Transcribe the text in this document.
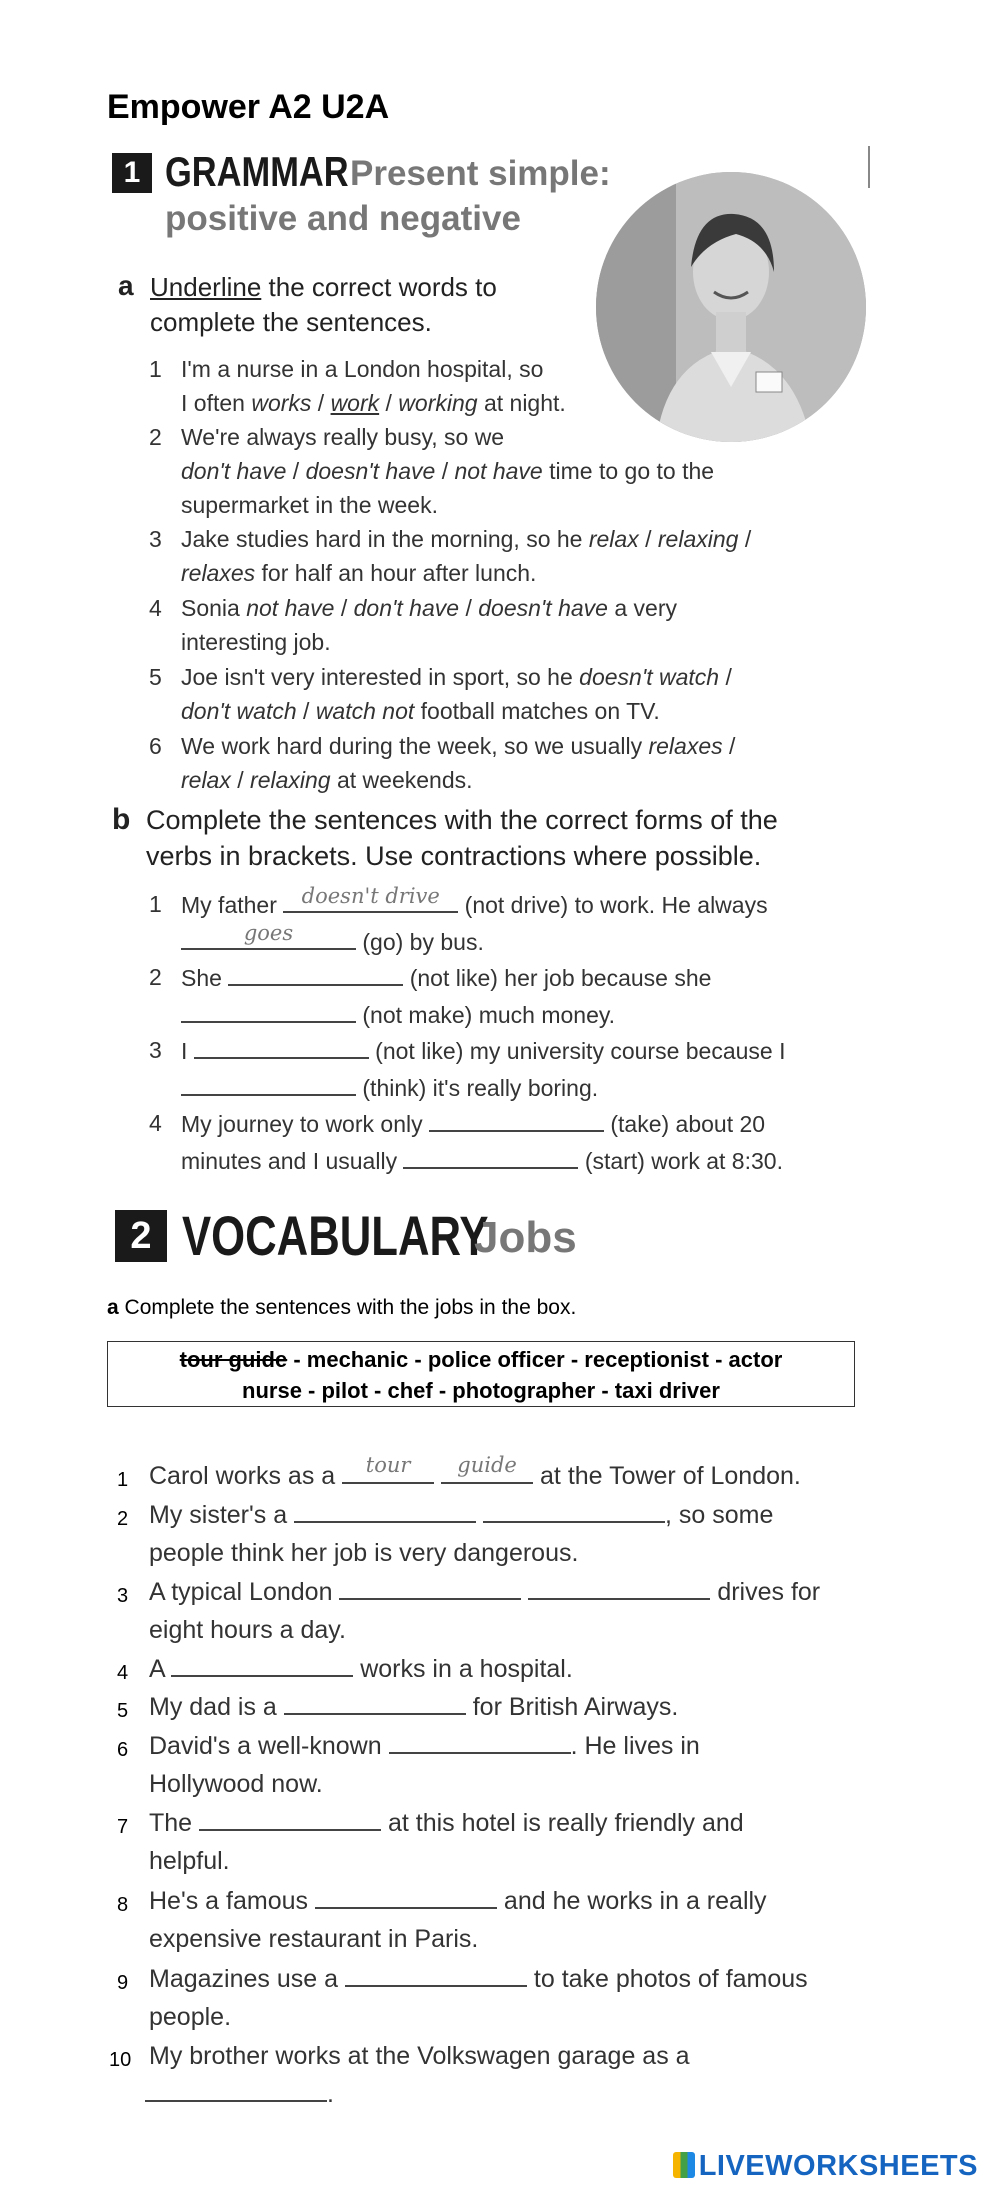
Empower A2 U2A
1 GRAMMAR Present simple:
positive and negative
a Underline the correct words to
complete the sentences.
1 I'm a nurse in a London hospital, so
I often works / work / working at night.
2 We're always really busy, so we
don't have / doesn't have / not have time to go to the
supermarket in the week.
3 Jake studies hard in the morning, so he relax / relaxing /
relaxes for half an hour after lunch.
4 Sonia not have / don't have / doesn't have a very
interesting job.
5 Joe isn't very interested in sport, so he doesn't watch /
don't watch / watch not football matches on TV.
6 We work hard during the week, so we usually relaxes /
relax / relaxing at weekends.
b Complete the sentences with the correct forms of the
verbs in brackets. Use contractions where possible.
1 My father doesn't drive (not drive) to work. He always
goes	(go) by bus.
2 She	(not like) her job because she
(not make) much money.
3 I	(not like) my university course because I
(think) it's really boring.
4 My journey to work only	(take) about 20
minutes and I usually	(start) work at 8:30.
2 VOCABULARY
Jobs
a Complete the sentences with the jobs in the box.
tour guide - mechanic - police officer - receptionist - actor
nurse - pilot - chef - photographer - taxi driver
1 Carol works as a	tour
	guide at the Tower of London.
2 My sister's a	, so some
people think her job is very dangerous.
3 A typical London	drives for
eight hours a day.
4 A	works in a hospital.
5 My dad is a	for British Airways.
6 David's a well-known	. He lives in
Hollywood now.
7 The	at this hotel is really friendly and
helpful.
8 He's a famous	and he works in a really
expensive restaurant in Paris.
9 Magazines use a	to take photos of famous
people.
10 My brother works at the Volkswagen garage as a
.
LIVEWORKSHEETS
